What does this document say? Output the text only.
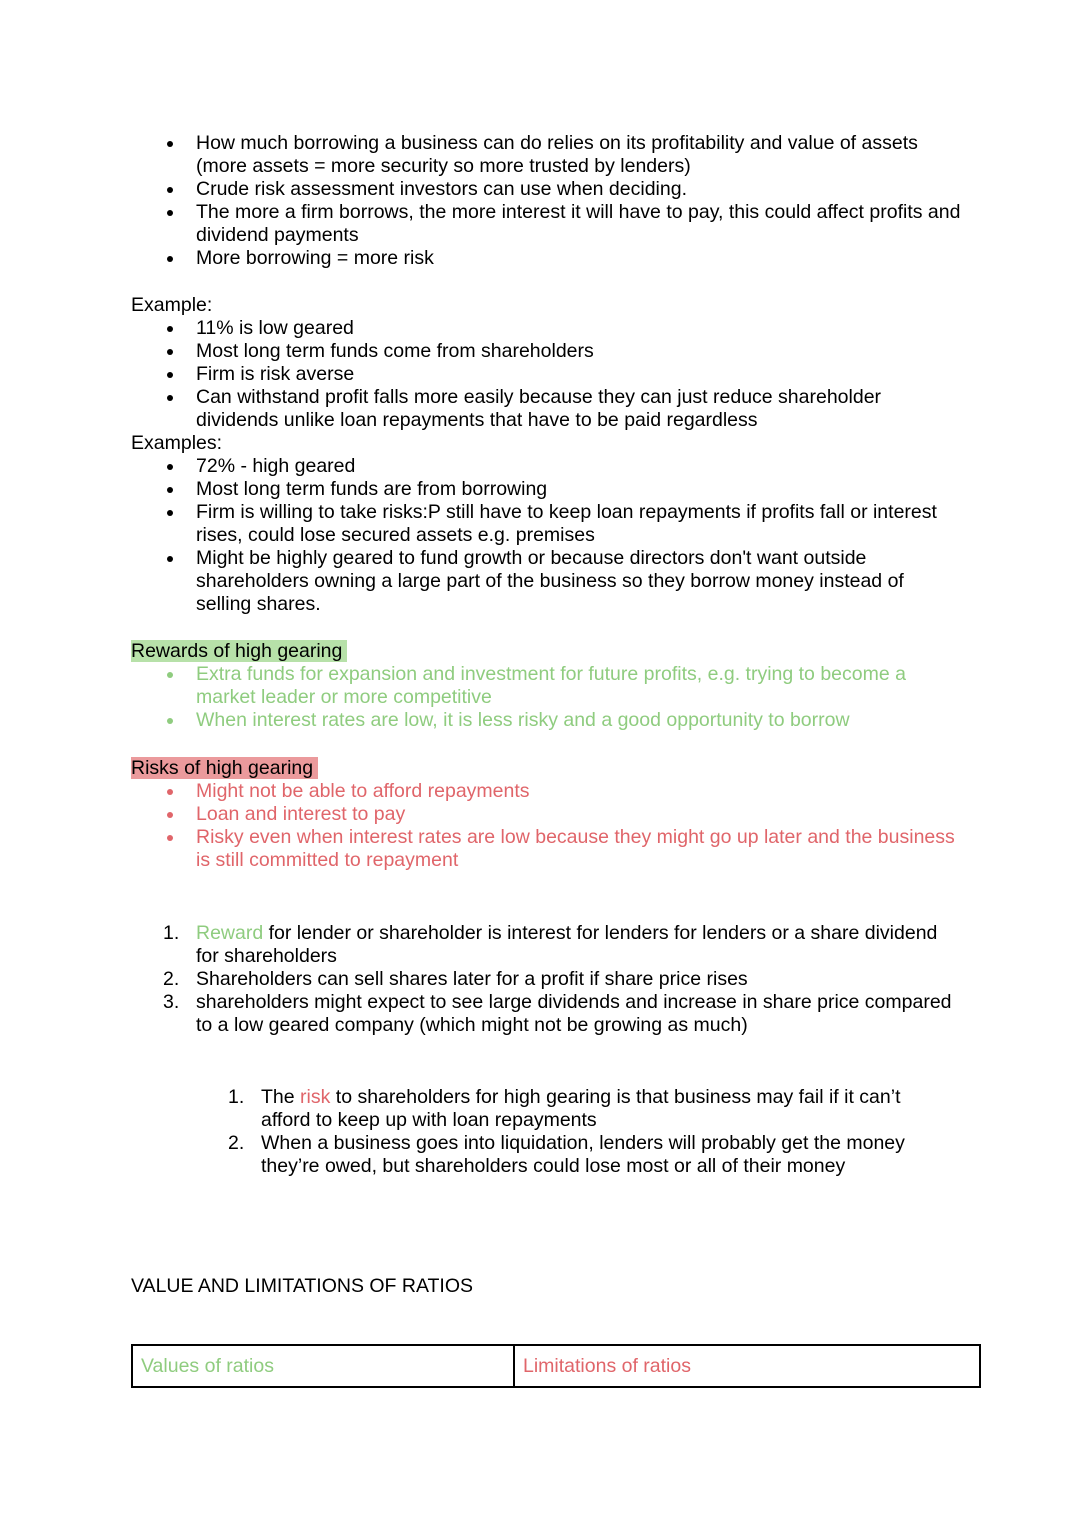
How much borrowing a business can do relies on its profitability and value of assets (more assets = more security so more trusted by lenders)
Crude risk assessment investors can use when deciding.
The more a firm borrows, the more interest it will have to pay, this could affect profits and dividend payments
More borrowing = more risk

Example:

11% is low geared
Most long term funds come from shareholders
Firm is risk averse
Can withstand profit falls more easily because they can just reduce shareholder dividends unlike loan repayments that have to be paid regardless

Examples:

72% - high geared
Most long term funds are from borrowing
Firm is willing to take risks:P still have to keep loan repayments if profits fall or interest rises, could lose secured assets e.g. premises
Might be highly geared to fund growth or because directors don't want outside shareholders owning a large part of the business so they borrow money instead of selling shares.

Rewards of high gearing

Extra funds for expansion and investment for future profits, e.g. trying to become a market leader or more competitive
When interest rates are low, it is less risky and a good opportunity to borrow

Risks of high gearing

Might not be able to afford repayments
Loan and interest to pay
Risky even when interest rates are low because they might go up later and the business is still committed to repayment
1. Reward for lender or shareholder is interest for lenders for lenders or a share dividend for shareholders
2. Shareholders can sell shares later for a profit if share price rises
3. shareholders might expect to see large dividends and increase in share price compared to a low geared company (which might not be growing as much)
1. The risk to shareholders for high gearing is that business may fail if it can’t afford to keep up with loan repayments
2. When a business goes into liquidation, lenders will probably get the money they’re owed, but shareholders could lose most or all of their money
VALUE AND LIMITATIONS OF RATIOS
Values of ratios	Limitations of ratios
